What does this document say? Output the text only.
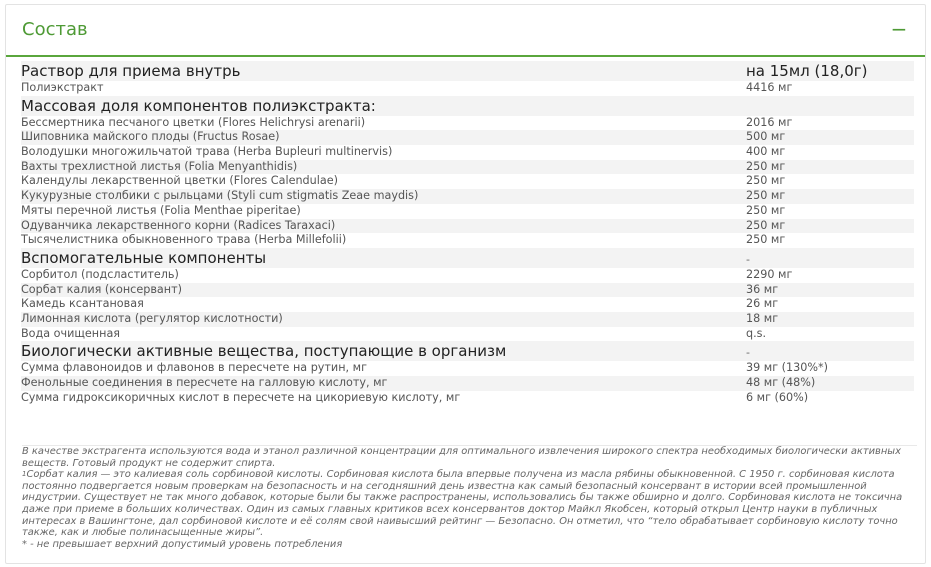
Состав	−
Раствор для приема внутрь	на 15мл (18,0г)
Полиэкстракт	4416 мг
Массовая доля компонентов полиэкстракта:
Бессмертника песчаного цветки (Flores Helichrysi arenarii)	2016 мг
Шиповника майского плоды (Fructus Rosae)	500 мг
Володушки многожильчатой трава (Herba Bupleuri multinervis)	400 мг
Вахты трехлистной листья (Folia Menyanthidis)	250 мг
Календулы лекарственной цветки (Flores Calendulae)	250 мг
Кукурузные столбики с рыльцами (Styli cum stigmatis Zeae maydis)	250 мг
Мяты перечной листья (Folia Menthae piperitae)	250 мг
Одуванчика лекарственного корни (Radices Taraxaci)	250 мг
Тысячелистника обыкновенного трава (Herba Millefolii)	250 мг
Вспомогательные компоненты	-
Сорбитол (подсластитель)	2290 мг
Сорбат калия (консервант)	36 мг
Камедь ксантановая	26 мг
Лимонная кислота (регулятор кислотности)	18 мг
Вода очищенная	q.s.
Биологически активные вещества, поступающие в организм	-
Сумма флавоноидов и флавонов в пересчете на рутин, мг	39 мг (130%*)
Фенольные соединения в пересчете на галловую кислоту, мг	48 мг (48%)
Сумма гидроксикоричных кислот в пересчете на цикориевую кислоту, мг	6 мг (60%)

В качестве экстрагента используются вода и этанол различной концентрации для оптимального извлечения широкого спектра необходимых биологически активных веществ. Готовый продукт не содержит спирта.

$^1$Сорбат калия — это калиевая соль сорбиновой кислоты. Сорбиновая кислота была впервые получена из масла рябины обыкновенной. С 1950 г. сорбиновая кислота постоянно подвергается новым проверкам на безопасность и на сегодняшний день известна как самый безопасный консервант в истории всей промышленной индустрии. Существует не так много добавок, которые были бы также распространены, использовались бы также обширно и долго. Сорбиновая кислота не токсична даже при приеме в больших количествах. Один из самых главных критиков всех консервантов доктор Майкл Якобсен, который открыл Центр науки в публичных интересах в Вашингтоне, дал сорбиновой кислоте и её солям свой наивысший рейтинг — Безопасно. Он отметил, что “тело обрабатывает сорбиновую кислоту точно также, как и любые полинасыщенные жиры”.

* - не превышает верхний допустимый уровень потребления
